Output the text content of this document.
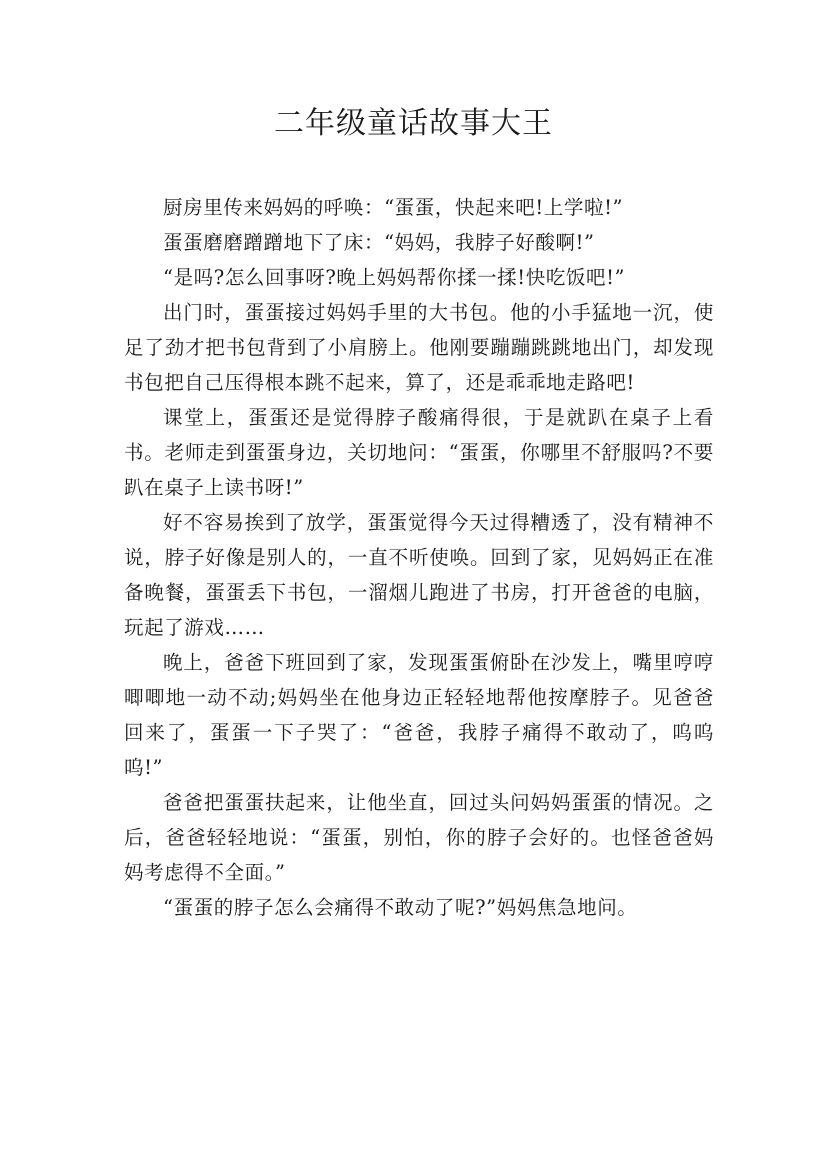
二年级童话故事大王

厨房里传来妈妈的呼唤：“蛋蛋，快起来吧!上学啦!”

蛋蛋磨磨蹭蹭地下了床：“妈妈，我脖子好酸啊!”

“是吗?怎么回事呀?晚上妈妈帮你揉一揉!快吃饭吧!”

出门时，蛋蛋接过妈妈手里的大书包。他的小手猛地一沉，使足了劲才把书包背到了小肩膀上。他刚要蹦蹦跳跳地出门，却发现书包把自己压得根本跳不起来，算了，还是乖乖地走路吧!

课堂上，蛋蛋还是觉得脖子酸痛得很，于是就趴在桌子上看书。老师走到蛋蛋身边，关切地问：“蛋蛋，你哪里不舒服吗?不要趴在桌子上读书呀!”

好不容易挨到了放学，蛋蛋觉得今天过得糟透了，没有精神不说，脖子好像是别人的，一直不听使唤。回到了家，见妈妈正在准备晚餐，蛋蛋丢下书包，一溜烟儿跑进了书房，打开爸爸的电脑，玩起了游戏……

晚上，爸爸下班回到了家，发现蛋蛋俯卧在沙发上，嘴里哼哼唧唧地一动不动;妈妈坐在他身边正轻轻地帮他按摩脖子。见爸爸回来了，蛋蛋一下子哭了：“爸爸，我脖子痛得不敢动了，呜呜呜!”

爸爸把蛋蛋扶起来，让他坐直，回过头问妈妈蛋蛋的情况。之后，爸爸轻轻地说：“蛋蛋，别怕，你的脖子会好的。也怪爸爸妈妈考虑得不全面。”

“蛋蛋的脖子怎么会痛得不敢动了呢?”妈妈焦急地问。
